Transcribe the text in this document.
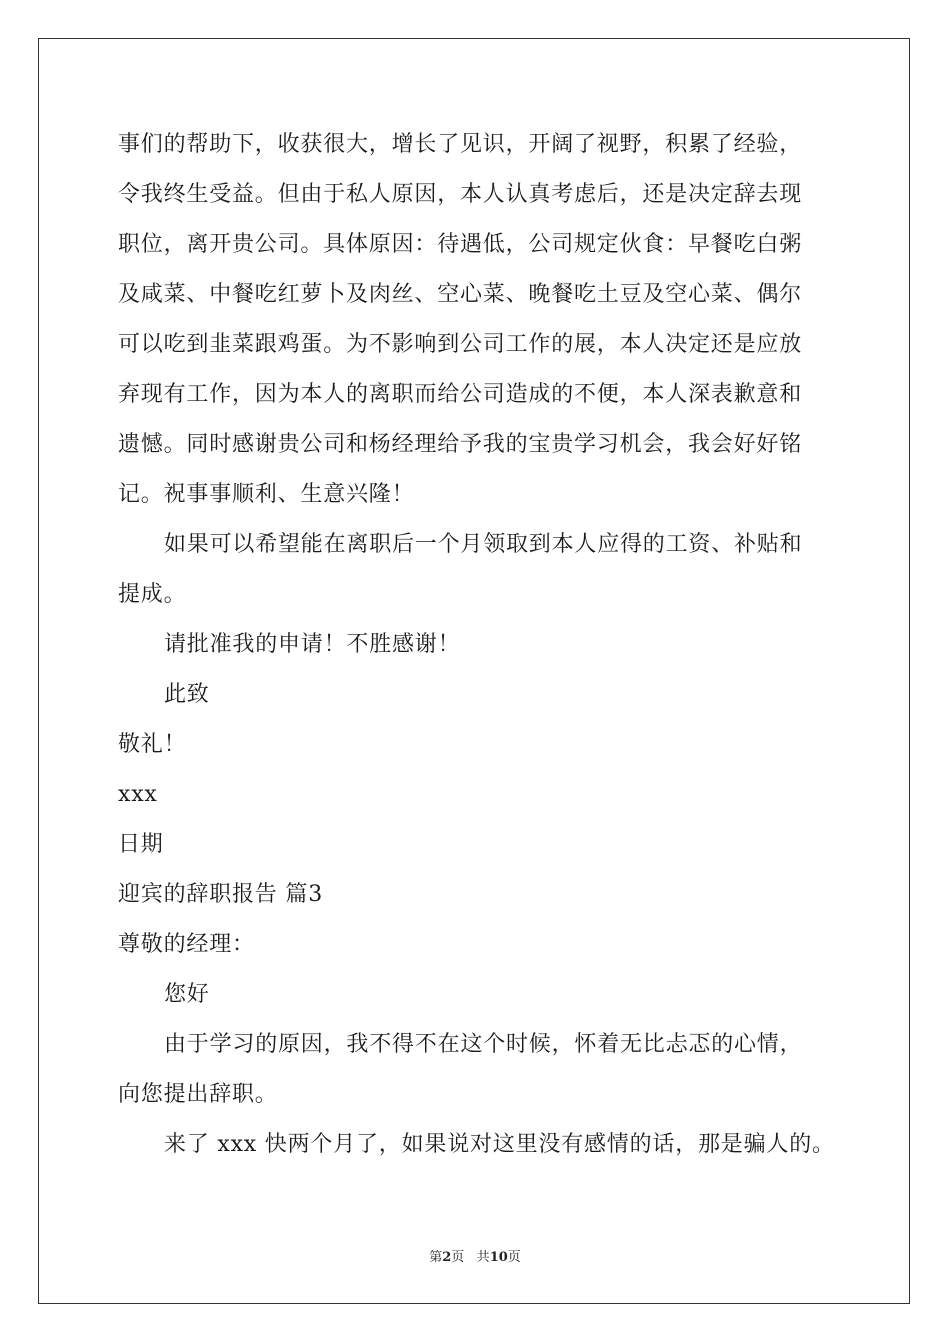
事们的帮助下，收获很大，增长了见识，开阔了视野，积累了经验，
令我终生受益。但由于私人原因，本人认真考虑后，还是决定辞去现
职位，离开贵公司。具体原因：待遇低，公司规定伙食：早餐吃白粥
及咸菜、中餐吃红萝卜及肉丝、空心菜、晚餐吃土豆及空心菜、偶尔
可以吃到韭菜跟鸡蛋。为不影响到公司工作的展，本人决定还是应放
弃现有工作，因为本人的离职而给公司造成的不便，本人深表歉意和
遗憾。同时感谢贵公司和杨经理给予我的宝贵学习机会，我会好好铭
记。祝事事顺利、生意兴隆！
如果可以希望能在离职后一个月领取到本人应得的工资、补贴和
提成。
请批准我的申请！不胜感谢！
此致
敬礼！
xxx
日期
迎宾的辞职报告 篇3
尊敬的经理：
您好
由于学习的原因，我不得不在这个时候，怀着无比忐忑的心情，
向您提出辞职。
来了 xxx 快两个月了，如果说对这里没有感情的话，那是骗人的。
第2页 共10页
